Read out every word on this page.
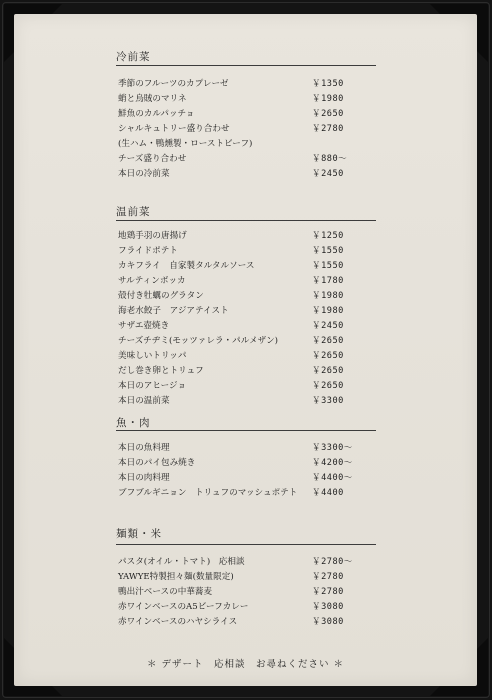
冷前菜
季節のフルーツのカプレーゼ	￥1350
蛸と烏賊のマリネ	￥1980
鮮魚のカルパッチョ	￥2650
シャルキュトリー盛り合わせ	￥2780
(生ハム・鴨燻製・ローストビーフ)
チーズ盛り合わせ	￥880～
本日の冷前菜	￥2450
温前菜
地鶏手羽の唐揚げ	￥1250
フライドポテト	￥1550
カキフライ　自家製タルタルソース	￥1550
サルティンボッカ	￥1780
殻付き牡蠣のグラタン	￥1980
海老水餃子　アジアテイスト	￥1980
サザエ壺焼き	￥2450
チーズチヂミ(モッツァレラ・パルメザン)	￥2650
美味しいトリッパ	￥2650
だし巻き卵とトリュフ	￥2650
本日のアヒージョ	￥2650
本日の温前菜	￥3300
魚・肉
本日の魚料理	￥3300～
本日のパイ包み焼き	￥4200～
本日の肉料理	￥4400～
ブフブルギニョン　トリュフのマッシュポテト ￥4400
麺類・米
パスタ(オイル・トマト)　応相談	￥2780～
YAWYE特製担々麺(数量限定)	￥2780
鴨出汁ベースの中華蕎麦	￥2780
赤ワインベースのA5ビーフカレー	￥3080
赤ワインベースのハヤシライス	￥3080
＊ デザート　応相談　お尋ねください ＊
